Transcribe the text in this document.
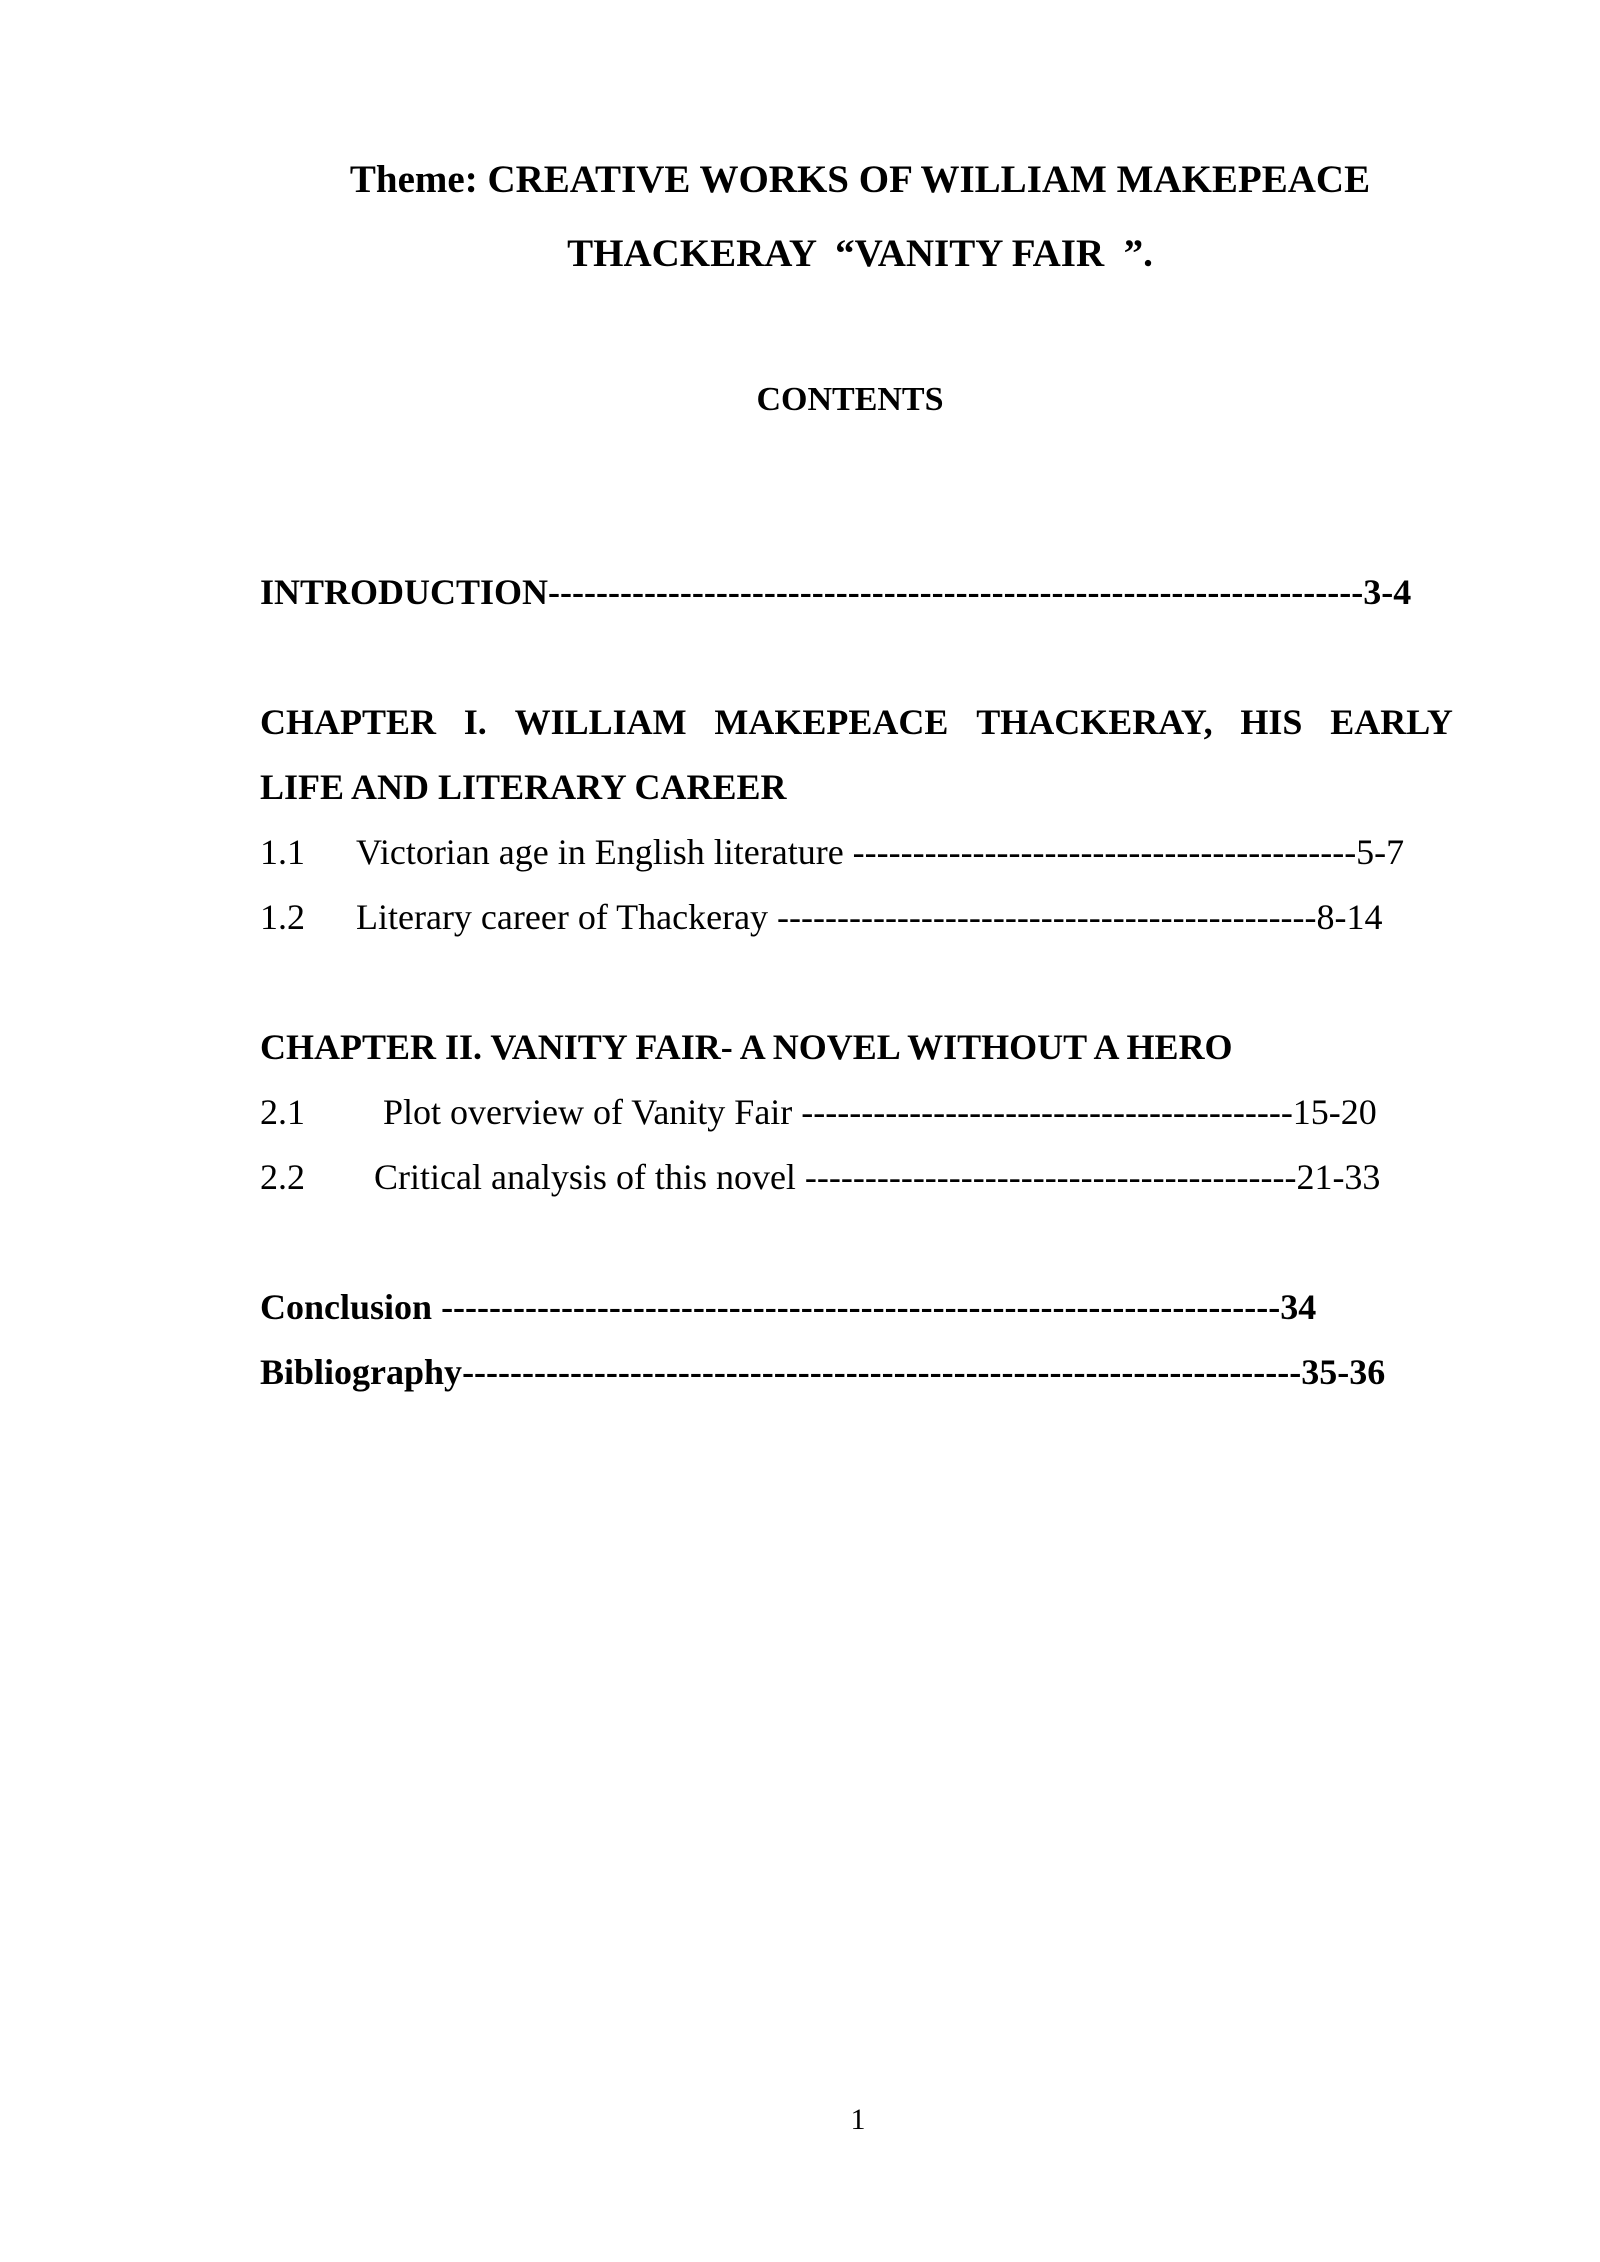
Theme: CREATIVE WORKS OF WILLIAM MAKEPEACE
THACKERAY  “VANITY FAIR  ”.
CONTENTS
INTRODUCTION--------------------------------------------------------------------3-4
CHAPTER I. WILLIAM MAKEPEACE THACKERAY, HIS EARLY
LIFE AND LITERARY CAREER
1.1 Victorian age in English literature ------------------------------------------5-7
1.2 Literary career of Thackeray ---------------------------------------------8-14
CHAPTER II. VANITY FAIR- A NOVEL WITHOUT A HERO
2.1 Plot overview of Vanity Fair -----------------------------------------15-20
2.2 Critical analysis of this novel -----------------------------------------21-33
Conclusion ----------------------------------------------------------------------34
Bibliography----------------------------------------------------------------------35-36
1
